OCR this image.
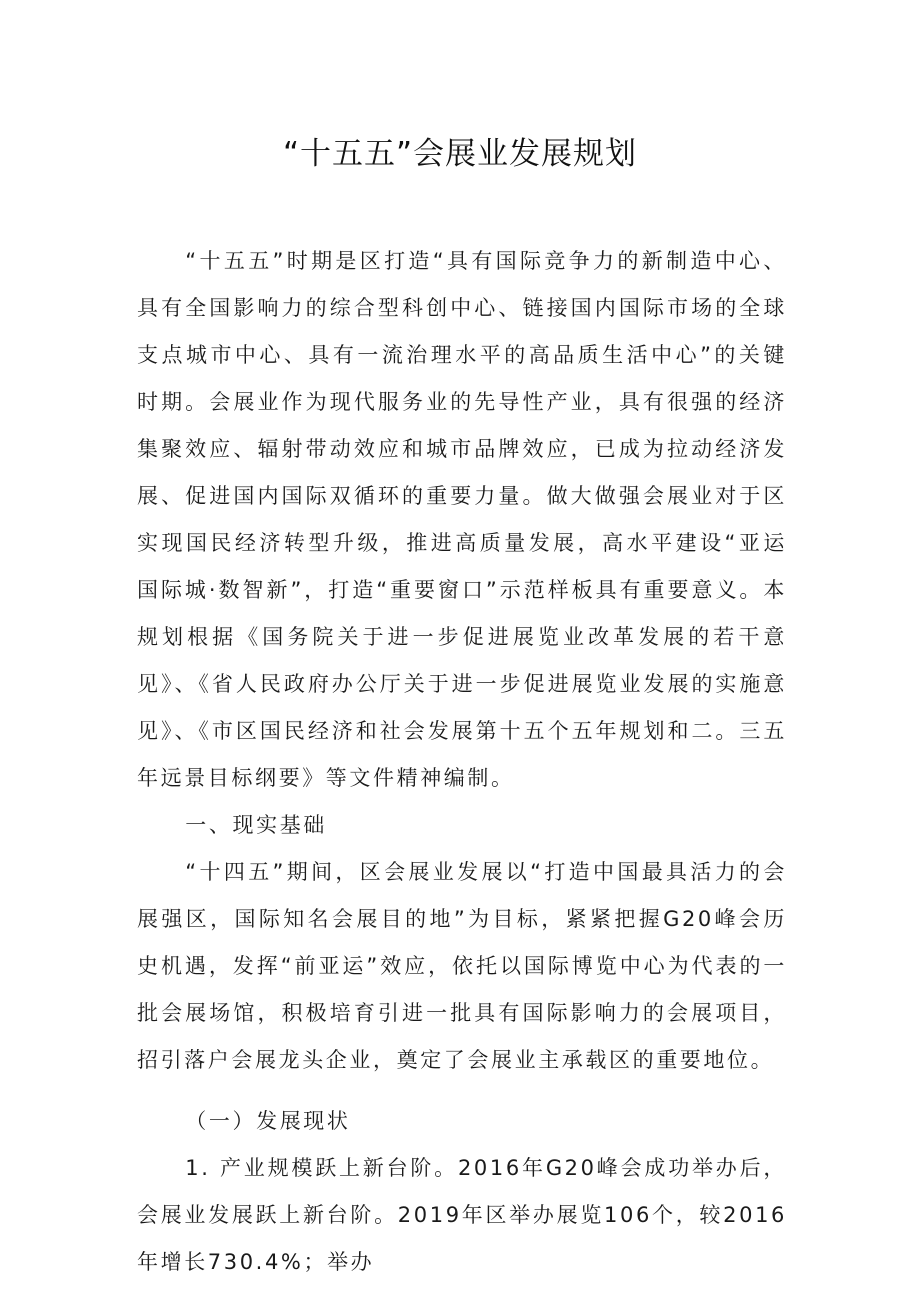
“十五五”会展业发展规划

“十五五”时期是区打造“具有国际竞争力的新制造中心、具有全国影响力的综合型科创中心、链接国内国际市场的全球支点城市中心、具有一流治理水平的高品质生活中心”的关键时期。会展业作为现代服务业的先导性产业，具有很强的经济集聚效应、辐射带动效应和城市品牌效应，已成为拉动经济发展、促进国内国际双循环的重要力量。做大做强会展业对于区实现国民经济转型升级，推进高质量发展，高水平建设“亚运国际城·数智新”，打造“重要窗口”示范样板具有重要意义。本规划根据《国务院关于进一步促进展览业改革发展的若干意见》、《省人民政府办公厅关于进一步促进展览业发展的实施意见》、《市区国民经济和社会发展第十五个五年规划和二。三五年远景目标纲要》等文件精神编制。

一、现实基础

“十四五”期间，区会展业发展以“打造中国最具活力的会展强区，国际知名会展目的地”为目标，紧紧把握G20峰会历史机遇，发挥“前亚运”效应，依托以国际博览中心为代表的一批会展场馆，积极培育引进一批具有国际影响力的会展项目，招引落户会展龙头企业，奠定了会展业主承载区的重要地位。

（一）发展现状

1. 产业规模跃上新台阶。2016年G20峰会成功举办后，会展业发展跃上新台阶。2019年区举办展览106个，较2016年增长730.4%；举办
